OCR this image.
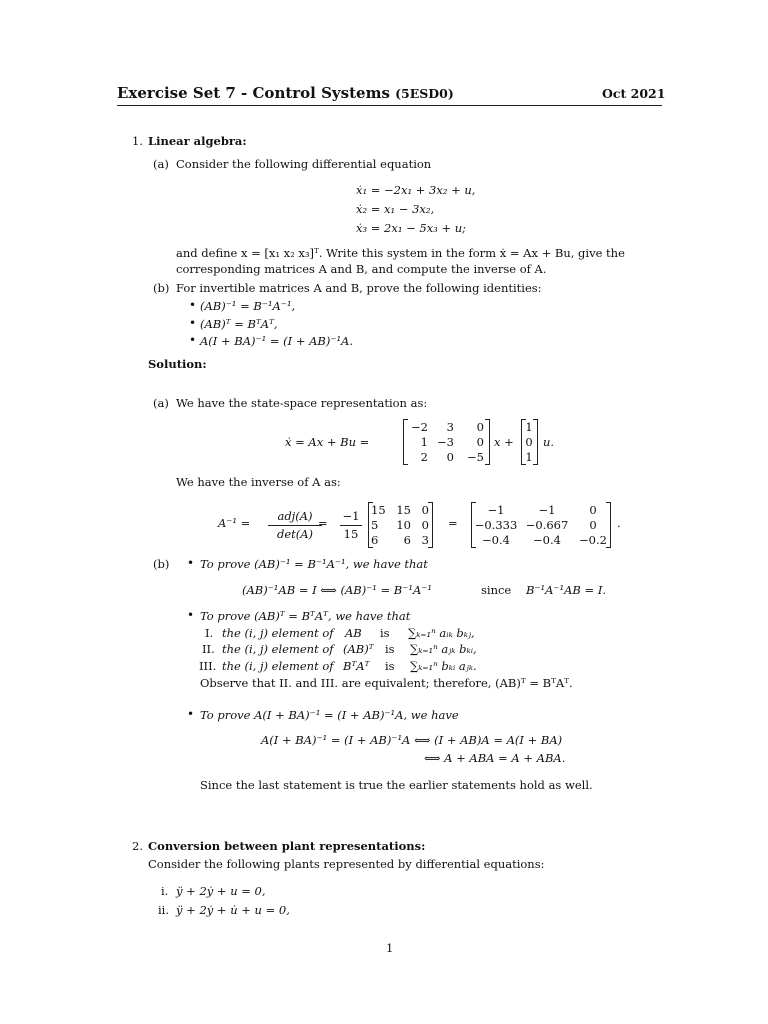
Exercise Set 7 - Control Systems (5ESD0)	Oct 2021
1. Linear algebra:
(a) Consider the following differential equation
ẋ₁ = −2x₁ + 3x₂ + u,
ẋ₂ = x₁ − 3x₂,
ẋ₃ = 2x₁ − 5x₃ + u;
and define x = [x₁ x₂ x₃]ᵀ. Write this system in the form ẋ = Ax + Bu, give the
corresponding matrices A and B, and compute the inverse of A.
(b) For invertible matrices A and B, prove the following identities:
• (AB)⁻¹ = B⁻¹A⁻¹,
• (AB)ᵀ = BᵀAᵀ,
• A(I + BA)⁻¹ = (I + AB)⁻¹A.
Solution:
(a) We have the state-space representation as:
ẋ = Ax + Bu =
−2	3	0
1 −3	0
2	0	−5
x +
1
0
1
u.
We have the inverse of A as:
A⁻¹ =	adj(A)
det(A)
=	−1
15
15 15 0
5	10 0
6	6 3
=
−1	−1	0
−0.333 −0.667	0
−0.4	−0.4	−0.2
.
(b) • To prove (AB)⁻¹ = B⁻¹A⁻¹, we have that
(AB)⁻¹AB = I ⟺ (AB)⁻¹ = B⁻¹A⁻¹	since B⁻¹A⁻¹AB = I.
• To prove (AB)ᵀ = BᵀAᵀ, we have that
I. the (i, j) element of AB is ∑ₖ₌₁ⁿ aᵢₖ bₖⱼ,
II. the (i, j) element of (AB)ᵀ is ∑ₖ₌₁ⁿ aⱼₖ bₖᵢ,
III. the (i, j) element of BᵀAᵀ is ∑ₖ₌₁ⁿ bₖᵢ aⱼₖ.
Observe that II. and III. are equivalent; therefore, (AB)ᵀ = BᵀAᵀ.
• To prove A(I + BA)⁻¹ = (I + AB)⁻¹A, we have
A(I + BA)⁻¹ = (I + AB)⁻¹A ⟺ (I + AB)A = A(I + BA)
⟺ A + ABA = A + ABA.
Since the last statement is true the earlier statements hold as well.
2. Conversion between plant representations:
Consider the following plants represented by differential equations:
i. ÿ + 2ẏ + u = 0,
ii. ÿ + 2ẏ + u̇ + u = 0,
1
